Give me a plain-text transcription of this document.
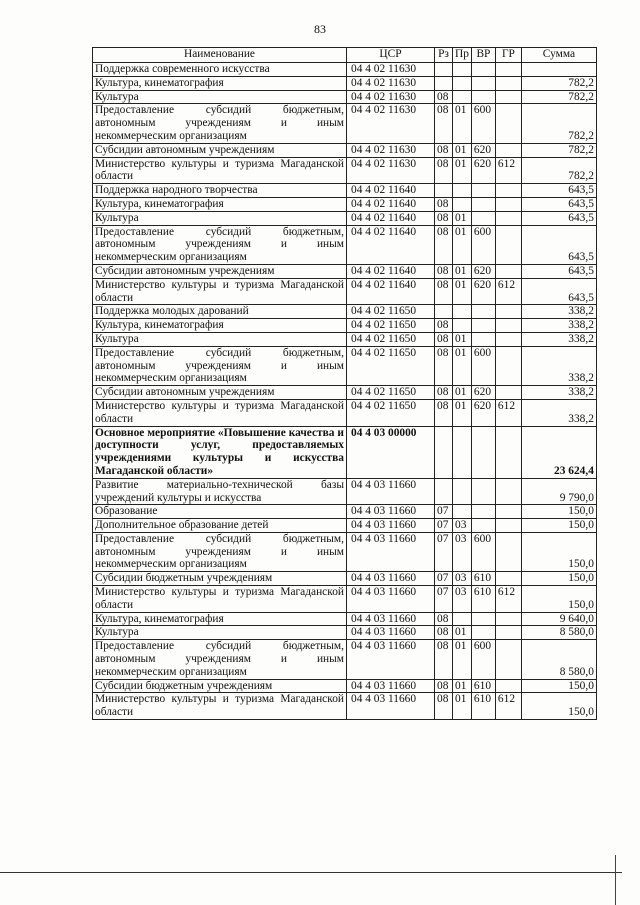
83
Наименование	ЦСР	Рз	Пр	ВР	ГР	Сумма
Поддержка современного искусства	04 4 02 11630					
Культура, кинематография	04 4 02 11630					782,2
Культура	04 4 02 11630	08				782,2
Предоставление субсидий бюджетным, автономным учреждениям и иным некоммерческим организациям	04 4 02 11630	08	01	600		782,2
Субсидии автономным учреждениям	04 4 02 11630	08	01	620		782,2
Министерство культуры и туризма Магаданской области	04 4 02 11630	08	01	620	612	782,2
Поддержка народного творчества	04 4 02 11640					643,5
Культура, кинематография	04 4 02 11640	08				643,5
Культура	04 4 02 11640	08	01			643,5
Предоставление субсидий бюджетным, автономным учреждениям и иным некоммерческим организациям	04 4 02 11640	08	01	600		643,5
Субсидии автономным учреждениям	04 4 02 11640	08	01	620		643,5
Министерство культуры и туризма Магаданской области	04 4 02 11640	08	01	620	612	643,5
Поддержка молодых дарований	04 4 02 11650					338,2
Культура, кинематография	04 4 02 11650	08				338,2
Культура	04 4 02 11650	08	01			338,2
Предоставление субсидий бюджетным, автономным учреждениям и иным некоммерческим организациям	04 4 02 11650	08	01	600		338,2
Субсидии автономным учреждениям	04 4 02 11650	08	01	620		338,2
Министерство культуры и туризма Магаданской области	04 4 02 11650	08	01	620	612	338,2
Основное мероприятие «Повышение качества и доступности услуг, предоставляемых учреждениями культуры и искусства Магаданской области»	04 4 03 00000					23 624,4
Развитие материально-технической базы учреждений культуры и искусства	04 4 03 11660					9 790,0
Образование	04 4 03 11660	07				150,0
Дополнительное образование детей	04 4 03 11660	07	03			150,0
Предоставление субсидий бюджетным, автономным учреждениям и иным некоммерческим организациям	04 4 03 11660	07	03	600		150,0
Субсидии бюджетным учреждениям	04 4 03 11660	07	03	610		150,0
Министерство культуры и туризма Магаданской области	04 4 03 11660	07	03	610	612	150,0
Культура, кинематография	04 4 03 11660	08				9 640,0
Культура	04 4 03 11660	08	01			8 580,0
Предоставление субсидий бюджетным, автономным учреждениям и иным некоммерческим организациям	04 4 03 11660	08	01	600		8 580,0
Субсидии бюджетным учреждениям	04 4 03 11660	08	01	610		150,0
Министерство культуры и туризма Магаданской области	04 4 03 11660	08	01	610	612	150,0
